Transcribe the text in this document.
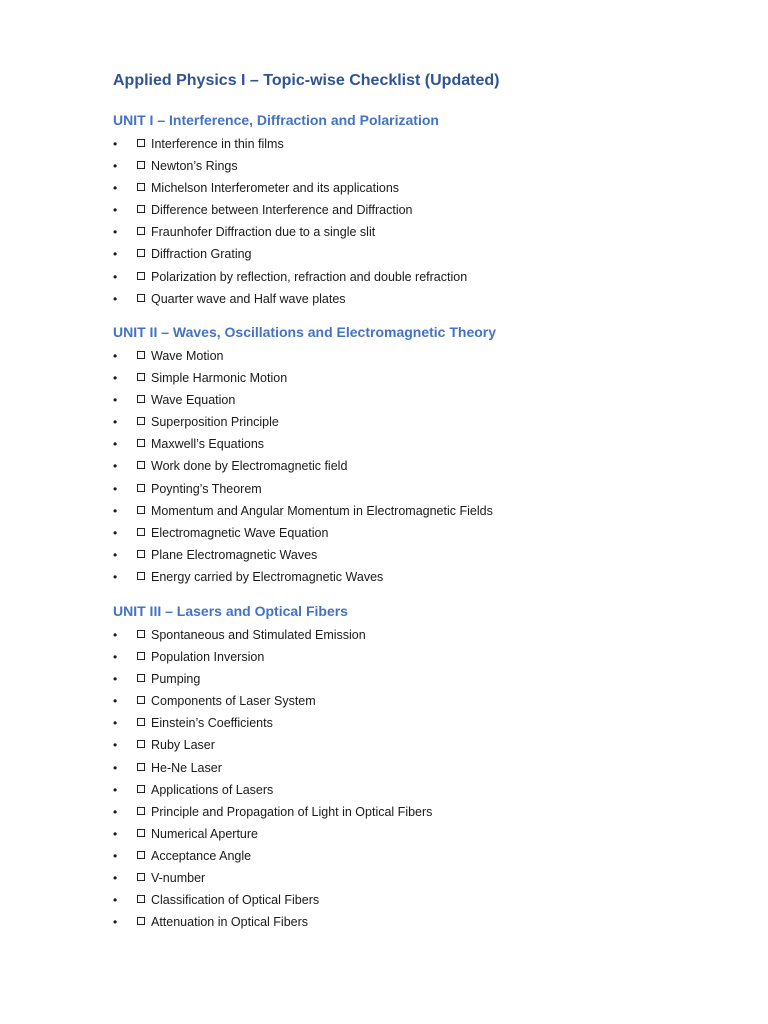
Applied Physics I – Topic-wise Checklist (Updated)
UNIT I – Interference, Diffraction and Polarization
•	Interference in thin films
•	Newton’s Rings
•	Michelson Interferometer and its applications
•	Difference between Interference and Diffraction
•	Fraunhofer Diffraction due to a single slit
•	Diffraction Grating
•	Polarization by reflection, refraction and double refraction
•	Quarter wave and Half wave plates
UNIT II – Waves, Oscillations and Electromagnetic Theory
•	Wave Motion
•	Simple Harmonic Motion
•	Wave Equation
•	Superposition Principle
•	Maxwell’s Equations
•	Work done by Electromagnetic field
•	Poynting’s Theorem
•	Momentum and Angular Momentum in Electromagnetic Fields
•	Electromagnetic Wave Equation
•	Plane Electromagnetic Waves
•	Energy carried by Electromagnetic Waves
UNIT III – Lasers and Optical Fibers
•	Spontaneous and Stimulated Emission
•	Population Inversion
•	Pumping
•	Components of Laser System
•	Einstein’s Coefficients
•	Ruby Laser
•	He-Ne Laser
•	Applications of Lasers
•	Principle and Propagation of Light in Optical Fibers
•	Numerical Aperture
•	Acceptance Angle
•	V-number
•	Classification of Optical Fibers
•	Attenuation in Optical Fibers
